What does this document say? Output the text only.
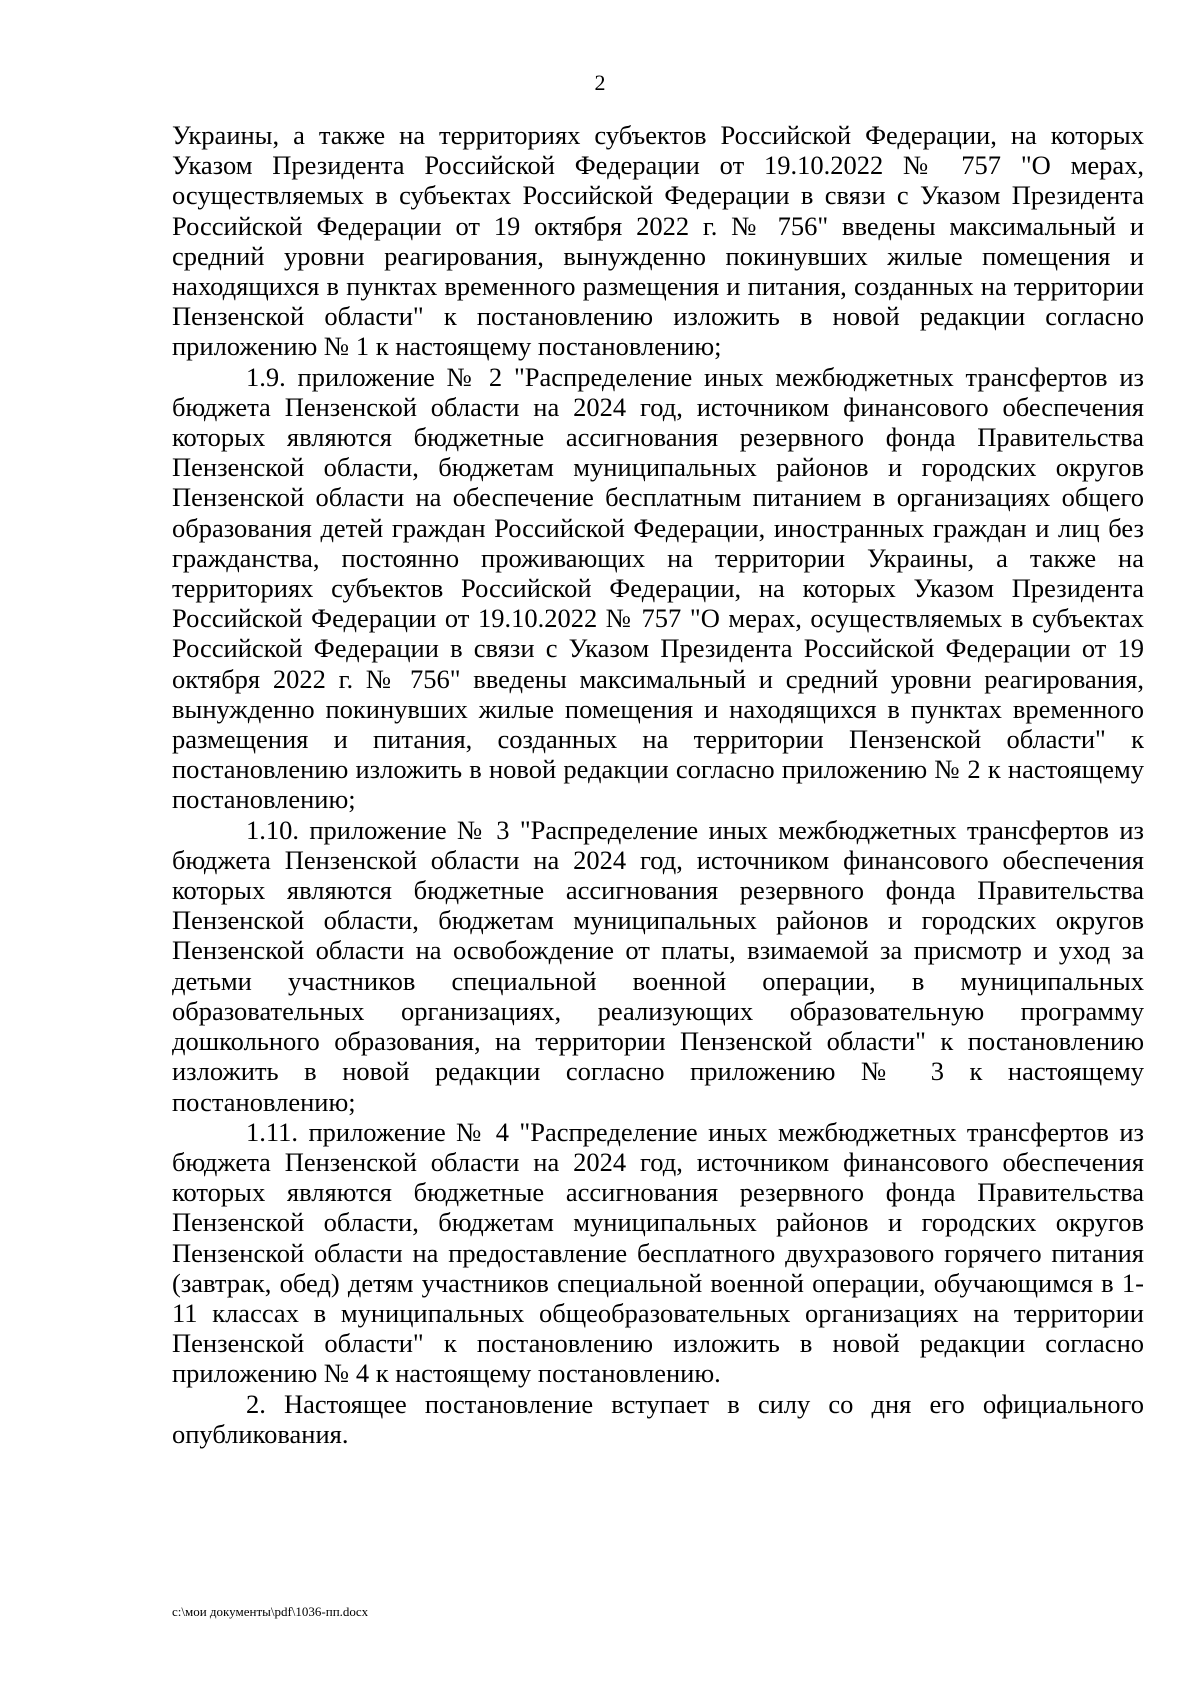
2

Украины, а также на территориях субъектов Российской Федерации, на которых Указом Президента Российской Федерации от 19.10.2022 № 757 "О мерах, осуществляемых в субъектах Российской Федерации в связи с Указом Президента Российской Федерации от 19 октября 2022 г. № 756" введены максимальный и средний уровни реагирования, вынужденно покинувших жилые помещения и находящихся в пунктах временного размещения и питания, созданных на территории Пензенской области" к постановлению изложить в новой редакции согласно приложению № 1 к настоящему постановлению;

1.9. приложение № 2 "Распределение иных межбюджетных трансфертов из бюджета Пензенской области на 2024 год, источником финансового обеспечения которых являются бюджетные ассигнования резервного фонда Правительства Пензенской области, бюджетам муниципальных районов и городских округов Пензенской области на обеспечение бесплатным питанием в организациях общего образования детей граждан Российской Федерации, иностранных граждан и лиц без гражданства, постоянно проживающих на территории Украины, а также на территориях субъектов Российской Федерации, на которых Указом Президента Российской Федерации от 19.10.2022 № 757 "О мерах, осуществляемых в субъектах Российской Федерации в связи с Указом Президента Российской Федерации от 19 октября 2022 г. № 756" введены максимальный и средний уровни реагирования, вынужденно покинувших жилые помещения и находящихся в пунктах временного размещения и питания, созданных на территории Пензенской области" к постановлению изложить в новой редакции согласно приложению № 2 к настоящему постановлению;

1.10. приложение № 3 "Распределение иных межбюджетных трансфертов из бюджета Пензенской области на 2024 год, источником финансового обеспечения которых являются бюджетные ассигнования резервного фонда Правительства Пензенской области, бюджетам муниципальных районов и городских округов Пензенской области на освобождение от платы, взимаемой за присмотр и уход за детьми участников специальной военной операции, в муниципальных образовательных организациях, реализующих образовательную программу дошкольного образования, на территории Пензенской области" к постановлению изложить в новой редакции согласно приложению № 3 к настоящему постановлению;

1.11. приложение № 4 "Распределение иных межбюджетных трансфертов из бюджета Пензенской области на 2024 год, источником финансового обеспечения которых являются бюджетные ассигнования резервного фонда Правительства Пензенской области, бюджетам муниципальных районов и городских округов Пензенской области на предоставление бесплатного двухразового горячего питания (завтрак, обед) детям участников специальной военной операции, обучающимся в 1-11 классах в муниципальных общеобразовательных организациях на территории Пензенской области" к постановлению изложить в новой редакции согласно приложению № 4 к настоящему постановлению.

2. Настоящее постановление вступает в силу со дня его официального опубликования.

c:\мои документы\pdf\1036-пп.docx
